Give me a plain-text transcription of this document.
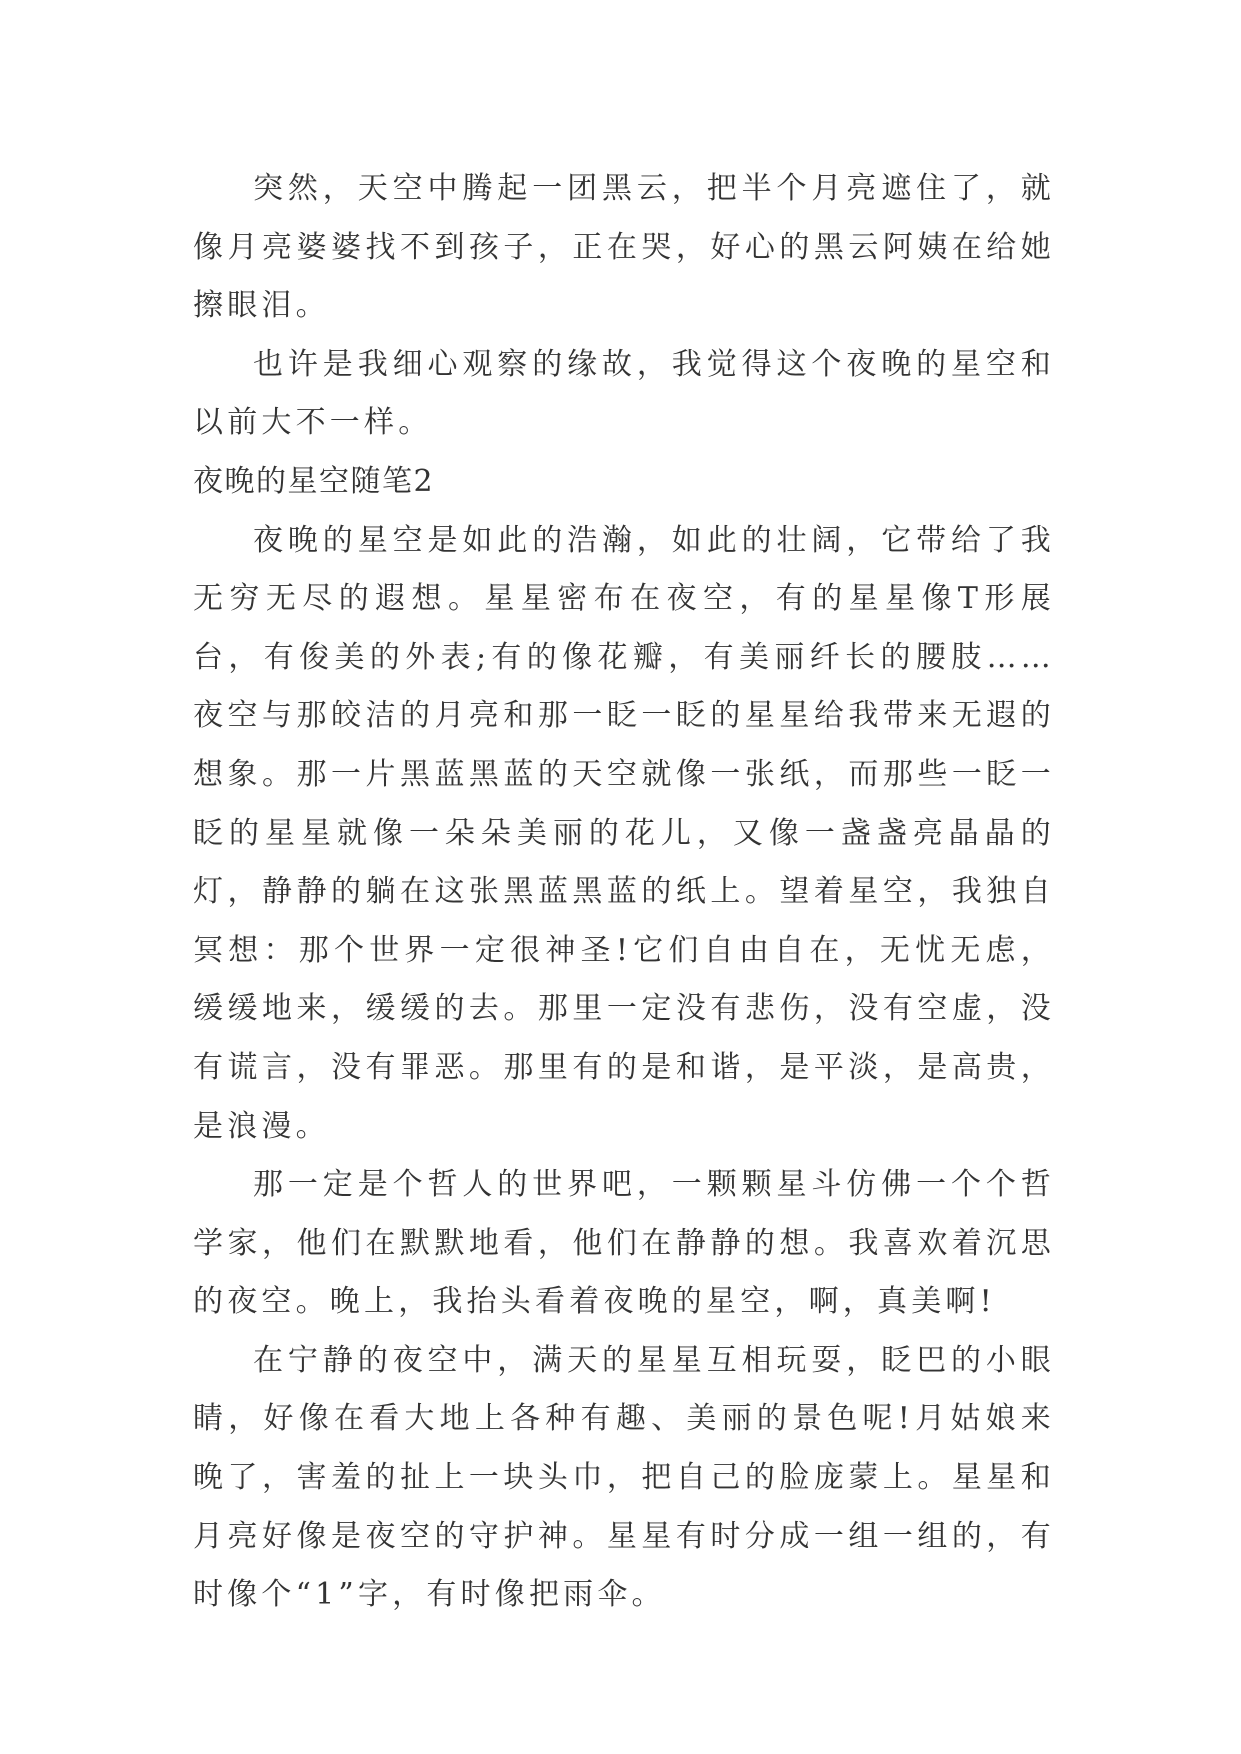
突然，天空中腾起一团黑云，把半个月亮遮住了，就像月亮婆婆找不到孩子，正在哭，好心的黑云阿姨在给她擦眼泪。

也许是我细心观察的缘故，我觉得这个夜晚的星空和以前大不一样。

夜晚的星空随笔2

夜晚的星空是如此的浩瀚，如此的壮阔，它带给了我无穷无尽的遐想。星星密布在夜空，有的星星像T形展台，有俊美的外表;有的像花瓣，有美丽纤长的腰肢……夜空与那皎洁的月亮和那一眨一眨的星星给我带来无遐的想象。那一片黑蓝黑蓝的天空就像一张纸，而那些一眨一眨的星星就像一朵朵美丽的花儿，又像一盏盏亮晶晶的灯，静静的躺在这张黑蓝黑蓝的纸上。望着星空，我独自冥想：那个世界一定很神圣!它们自由自在，无忧无虑，缓缓地来，缓缓的去。那里一定没有悲伤，没有空虚，没有谎言，没有罪恶。那里有的是和谐，是平淡，是高贵，是浪漫。

那一定是个哲人的世界吧，一颗颗星斗仿佛一个个哲学家，他们在默默地看，他们在静静的想。我喜欢着沉思的夜空。晚上，我抬头看着夜晚的星空，啊，真美啊!

在宁静的夜空中，满天的星星互相玩耍，眨巴的小眼睛，好像在看大地上各种有趣、美丽的景色呢!月姑娘来晚了，害羞的扯上一块头巾，把自己的脸庞蒙上。星星和月亮好像是夜空的守护神。星星有时分成一组一组的，有时像个“1”字，有时像把雨伞。
